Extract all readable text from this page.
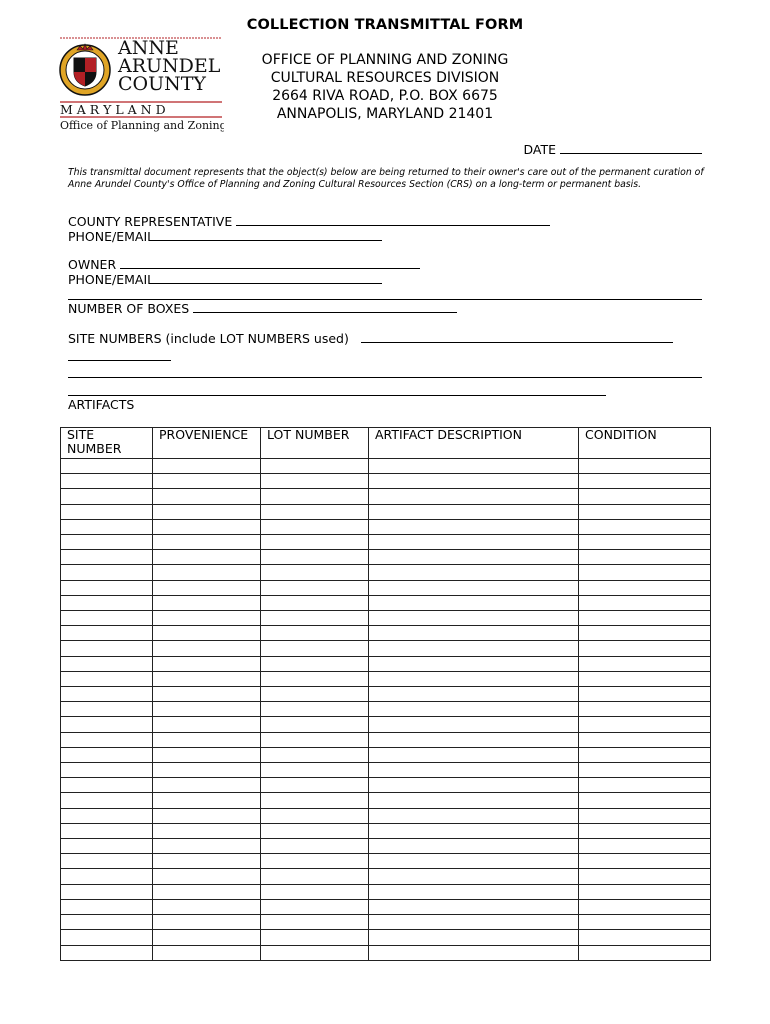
ANNE
ARUNDEL
COUNTY
M A R Y L A N D
Office of Planning and Zoning
COLLECTION TRANSMITTAL FORM
OFFICE OF PLANNING AND ZONING
CULTURAL RESOURCES DIVISION
2664 RIVA ROAD, P.O. BOX 6675
ANNAPOLIS, MARYLAND 21401
DATE
This transmittal document represents that the object(s) below are being returned to their owner's care out of the permanent curation of Anne Arundel County's Office of Planning and Zoning Cultural Resources Section (CRS) on a long-term or permanent basis.
COUNTY REPRESENTATIVE
PHONE/EMAIL
OWNER
PHONE/EMAIL
NUMBER OF BOXES
SITE NUMBERS (include LOT NUMBERS used)
ARTIFACTS
SITE NUMBER	PROVENIENCE	LOT NUMBER	ARTIFACT DESCRIPTION	CONDITION
